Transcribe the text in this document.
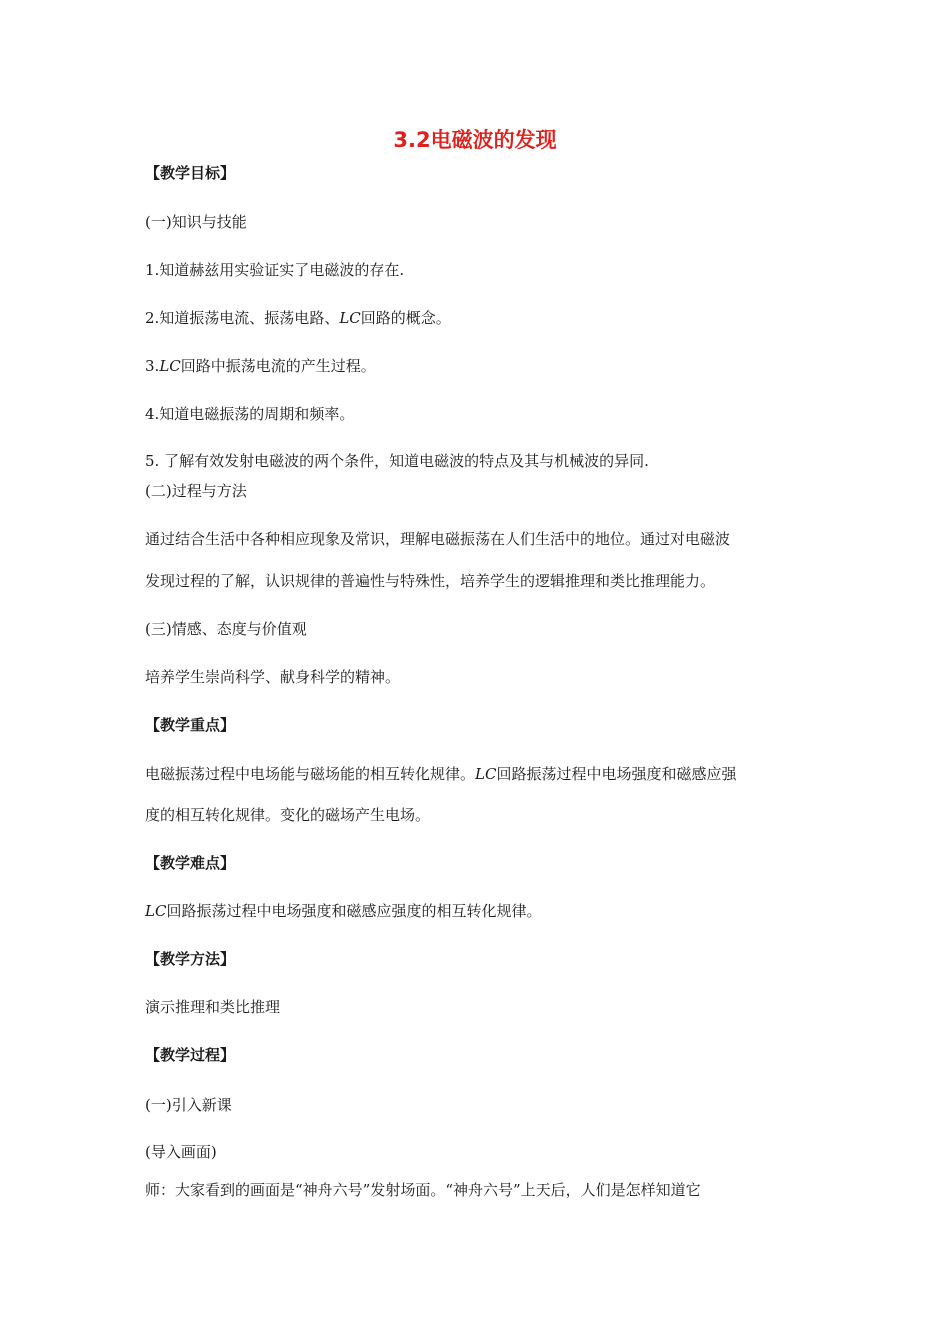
3.2电磁波的发现

【教学目标】

(一)知识与技能

1.知道赫兹用实验证实了电磁波的存在.

2.知道振荡电流、振荡电路、LC回路的概念。

3.LC回路中振荡电流的产生过程。

4.知道电磁振荡的周期和频率。

5. 了解有效发射电磁波的两个条件，知道电磁波的特点及其与机械波的异同.

(二)过程与方法

通过结合生活中各种相应现象及常识，理解电磁振荡在人们生活中的地位。通过对电磁波

发现过程的了解，认识规律的普遍性与特殊性，培养学生的逻辑推理和类比推理能力。

(三)情感、态度与价值观

培养学生崇尚科学、献身科学的精神。

【教学重点】

电磁振荡过程中电场能与磁场能的相互转化规律。LC回路振荡过程中电场强度和磁感应强

度的相互转化规律。变化的磁场产生电场。

【教学难点】

LC回路振荡过程中电场强度和磁感应强度的相互转化规律。

【教学方法】

演示推理和类比推理

【教学过程】

(一)引入新课

(导入画面)

师：大家看到的画面是“神舟六号”发射场面。“神舟六号”上天后，人们是怎样知道它
